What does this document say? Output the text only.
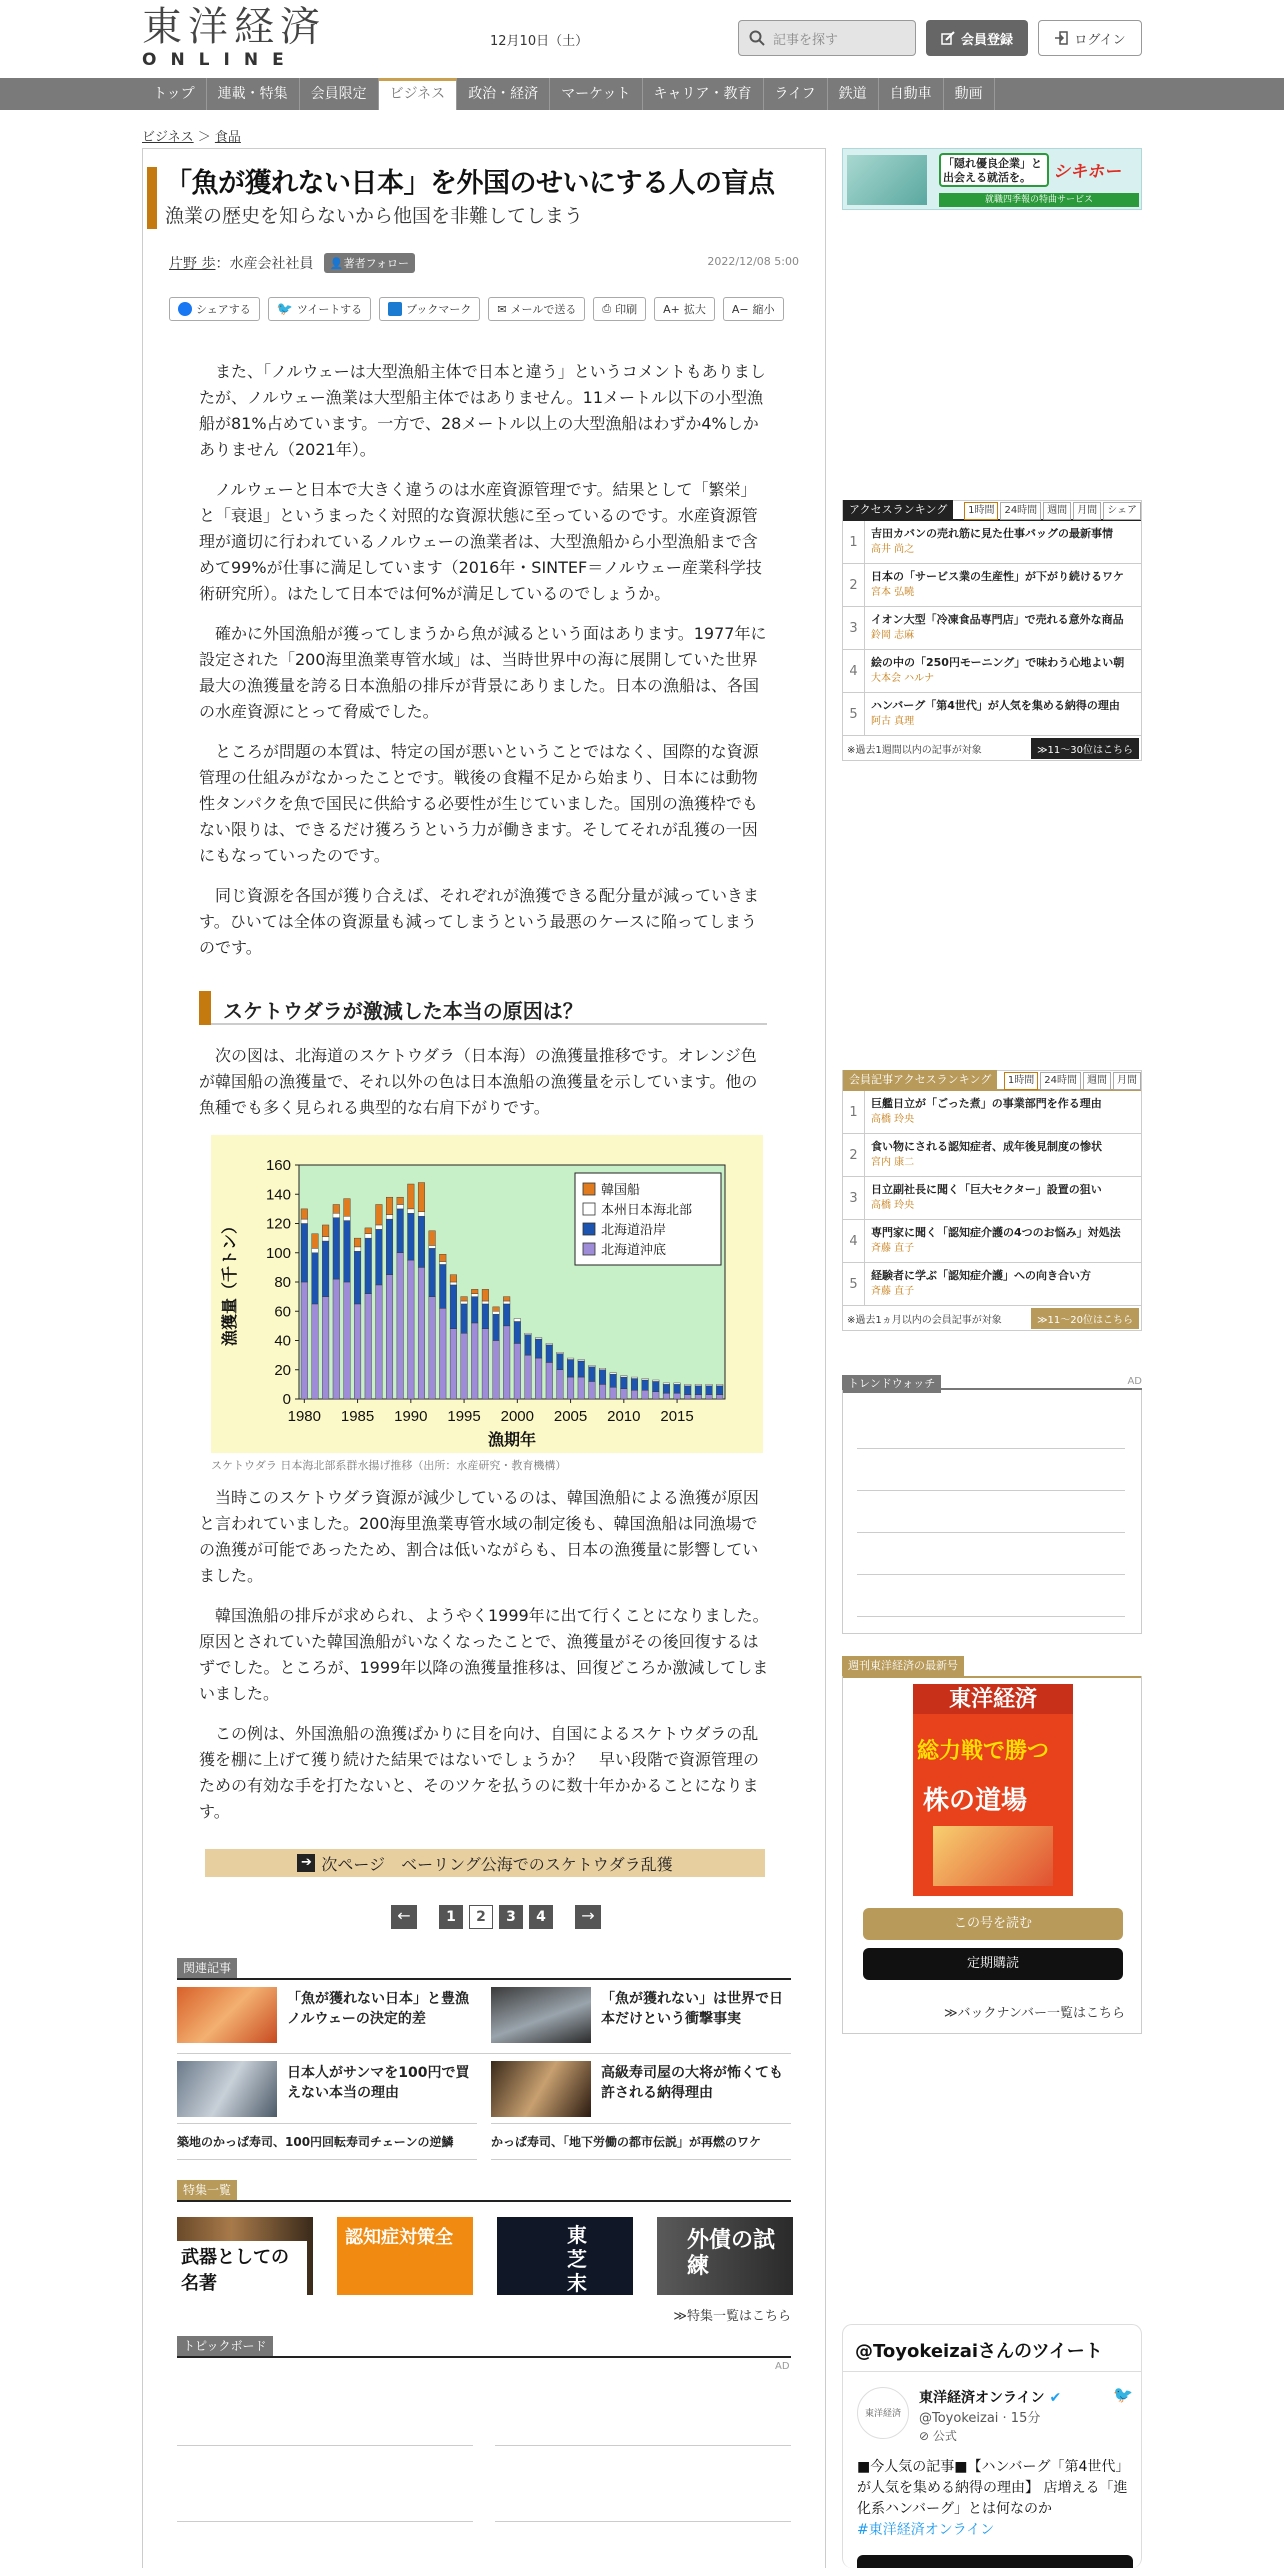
東洋経済
ONLINE
12月10日（土）	記事を探す	会員登録	ログイン
トップ	連載・特集	会員限定	ビジネス	政治・経済	マーケット	キャリア・教育	ライフ	鉄道	自動車	動画
ビジネス ＞ 食品
「魚が獲れない日本」を外国のせいにする人の盲点
漁業の歴史を知らないから他国を非難してしまう
片野 歩：水産会社社員 👤著者フォロー	2022/12/08 5:00
シェアする 🐦 ツイートする	ブックマーク ✉ メールで送る ⎙ 印刷 A+ 拡大 A− 縮小

また、「ノルウェーは大型漁船主体で日本と違う」というコメントもありましたが、ノルウェー漁業は大型船主体ではありません。11メートル以下の小型漁船が81%占めています。一方で、28メートル以上の大型漁船はわずか4%しかありません（2021年）。

ノルウェーと日本で大きく違うのは水産資源管理です。結果として「繁栄」と「衰退」というまったく対照的な資源状態に至っているのです。水産資源管理が適切に行われているノルウェーの漁業者は、大型漁船から小型漁船まで含めて99%が仕事に満足しています（2016年・SINTEF＝ノルウェー産業科学技術研究所）。はたして日本では何%が満足しているのでしょうか。

確かに外国漁船が獲ってしまうから魚が減るという面はあります。1977年に設定された「200海里漁業専管水域」は、当時世界中の海に展開していた世界最大の漁獲量を誇る日本漁船の排斥が背景にありました。日本の漁船は、各国の水産資源にとって脅威でした。

ところが問題の本質は、特定の国が悪いということではなく、国際的な資源管理の仕組みがなかったことです。戦後の食糧不足から始まり、日本には動物性タンパクを魚で国民に供給する必要性が生じていました。国別の漁獲枠でもない限りは、できるだけ獲ろうという力が働きます。そしてそれが乱獲の一因にもなっていったのです。

同じ資源を各国が獲り合えば、それぞれが漁獲できる配分量が減っていきます。ひいては全体の資源量も減ってしまうという最悪のケースに陥ってしまうのです。

スケトウダラが激減した本当の原因は？

次の図は、北海道のスケトウダラ（日本海）の漁獲量推移です。オレンジ色が韓国船の漁獲量で、それ以外の色は日本漁船の漁獲量を示しています。他の魚種でも多く見られる典型的な右肩下がりです。

0
20
40
60
80
100
120
140
160
1980 1985 1990 1995 2000 2005 2010 2015
漁期年
漁獲量（千トン）
韓国船
本州日本海北部
北海道沿岸
北海道沖底
スケトウダラ 日本海北部系群水揚げ推移（出所：水産研究・教育機構）

当時このスケトウダラ資源が減少しているのは、韓国漁船による漁獲が原因と言われていました。200海里漁業専管水域の制定後も、韓国漁船は同漁場での漁獲が可能であったため、割合は低いながらも、日本の漁獲量に影響していました。

韓国漁船の排斥が求められ、ようやく1999年に出て行くことになりました。原因とされていた韓国漁船がいなくなったことで、漁獲量がその後回復するはずでした。ところが、1999年以降の漁獲量推移は、回復どころか激減してしまいました。

この例は、外国漁船の漁獲ばかりに目を向け、自国によるスケトウダラの乱獲を棚に上げて獲り続けた結果ではないでしょうか？　早い段階で資源管理のための有効な手を打たないと、そのツケを払うのに数十年かかることになります。

➔ 次ページ　ベーリング公海でのスケトウダラ乱獲
←	1	2	3	4	→
関連記事
「魚が獲れない日本」と豊漁ノルウェーの決定的差
「魚が獲れない」は世界で日本だけという衝撃事実
日本人がサンマを100円で買えない本当の理由
高級寿司屋の大将が怖くても許される納得理由
築地のかっぱ寿司、100円回転寿司チェーンの逆鱗	かっぱ寿司、「地下労働の都市伝説」が再燃のワケ
特集一覧
武器としての名著
認知症対策全	東芝 末路
外債の試練
≫特集一覧はこちら
トピックボード
AD
「隠れ優良企業」と出会える就活を。	シキホー
就職四季報の特曲サービス
アクセスランキング	1時間	24時間	週間	月間	シェア
1
吉田カバンの売れ筋に見た仕事バッグの最新事情
高井 尚之
2
日本の「サービス業の生産性」が下がり続けるワケ
宮本 弘曉
3
イオン大型「冷凍食品専門店」で売れる意外な商品
鈴岡 志麻
4
絵の中の「250円モーニング」で味わう心地よい朝
大本会 ハルナ
5
ハンバーグ「第4世代」が人気を集める納得の理由
阿古 真理
※過去1週間以内の記事が対象	≫11～30位はこちら
会員記事アクセスランキング	1時間	24時間	週間	月間
1
巨艦日立が「ごった煮」の事業部門を作る理由
高橋 玲央
2
食い物にされる認知症者、成年後見制度の惨状
宮内 康二
3
日立副社長に聞く「巨大セクター」設置の狙い
高橋 玲央
4
専門家に聞く「認知症介護の4つのお悩み」対処法
斉藤 直子
5
経験者に学ぶ「認知症介護」への向き合い方
斉藤 直子
※過去1ヵ月以内の会員記事が対象	≫11～20位はこちら
トレンドウォッチ	AD
週刊東洋経済の最新号
東洋経済
総力戦で勝つ
株の道場
この号を読む
定期購読
≫バックナンバー一覧はこちら
@Toyokeizaiさんのツイート
東洋経済
東洋経済オンライン ✔	🐦
@Toyokeizai · 15分
⊘ 公式
■今人気の記事■【ハンバーグ「第4世代」が人気を集める納得の理由】 店増える「進化系ハンバーグ」とは何なのか
#東洋経済オンライン
